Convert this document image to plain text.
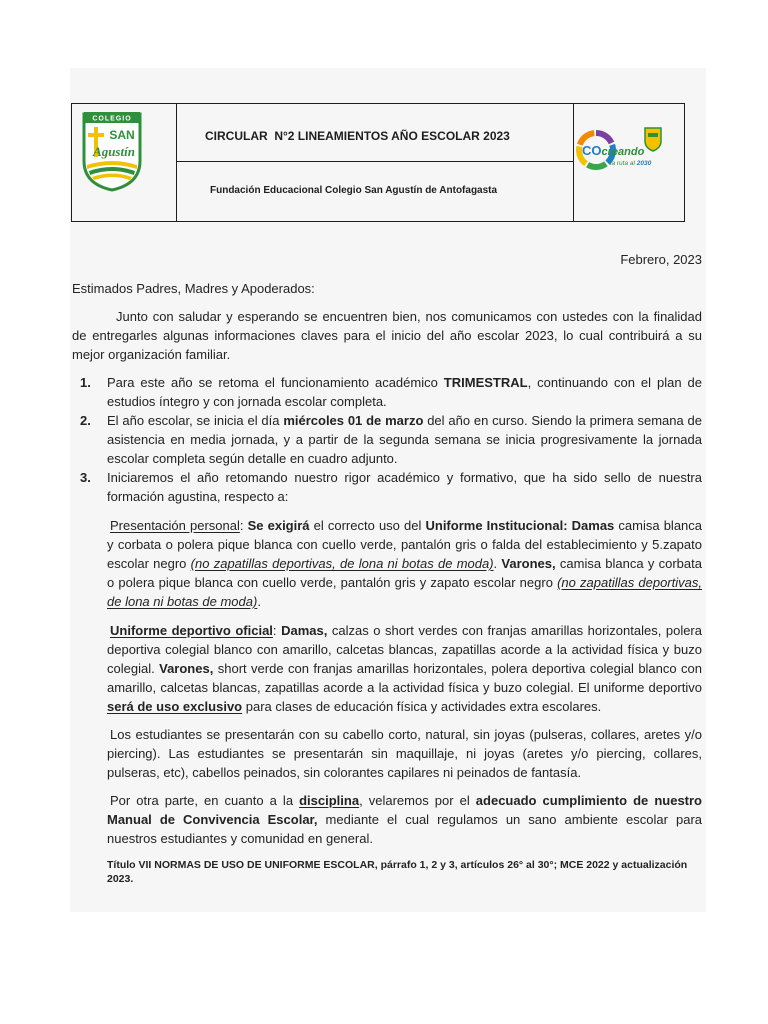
COLEGIO
SAN
Agustín
CIRCULAR  N°2 LINEAMIENTOS AÑO ESCOLAR 2023
Fundación Educacional Colegio San Agustín de Antofagasta
COcreando
la ruta al 2030
Febrero, 2023
Estimados Padres, Madres y Apoderados:
Junto con saludar y esperando se encuentren bien, nos comunicamos con ustedes con la finalidad de entregarles algunas informaciones claves para el inicio del año escolar 2023, lo cual contribuirá a su mejor organización familiar.
1. Para este año se retoma el funcionamiento académico TRIMESTRAL, continuando con el plan de estudios íntegro y con jornada escolar completa.
2. El año escolar, se inicia el día miércoles 01 de marzo del año en curso. Siendo la primera semana de asistencia en media jornada, y a partir de la segunda semana se inicia progresivamente la jornada escolar completa según detalle en cuadro adjunto.
3. Iniciaremos el año retomando nuestro rigor académico y formativo, que ha sido sello de nuestra formación agustina, respecto a:
Presentación personal: Se exigirá el correcto uso del Uniforme Institucional: Damas camisa blanca y corbata o polera pique blanca con cuello verde, pantalón gris o falda del establecimiento y 5.zapato escolar negro (no zapatillas deportivas, de lona ni botas de moda). Varones, camisa blanca y corbata o polera pique blanca con cuello verde, pantalón gris y zapato escolar negro (no zapatillas deportivas, de lona ni botas de moda).
Uniforme deportivo oficial: Damas, calzas o short verdes con franjas amarillas horizontales, polera deportiva colegial blanco con amarillo, calcetas blancas, zapatillas acorde a la actividad física y buzo colegial. Varones, short verde con franjas amarillas horizontales, polera deportiva colegial blanco con amarillo, calcetas blancas, zapatillas acorde a la actividad física y buzo colegial. El uniforme deportivo será de uso exclusivo para clases de educación física y actividades extra escolares.
Los estudiantes se presentarán con su cabello corto, natural, sin joyas (pulseras, collares, aretes y/o piercing). Las estudiantes se presentarán sin maquillaje, ni joyas (aretes y/o piercing, collares, pulseras, etc), cabellos peinados, sin colorantes capilares ni peinados de fantasía.
Por otra parte, en cuanto a la disciplina, velaremos por el adecuado cumplimiento de nuestro Manual de Convivencia Escolar, mediante el cual regulamos un sano ambiente escolar para nuestros estudiantes y comunidad en general.
Título VII NORMAS DE USO DE UNIFORME ESCOLAR, párrafo 1, 2 y 3, artículos 26° al 30°; MCE 2022 y actualización 2023.
